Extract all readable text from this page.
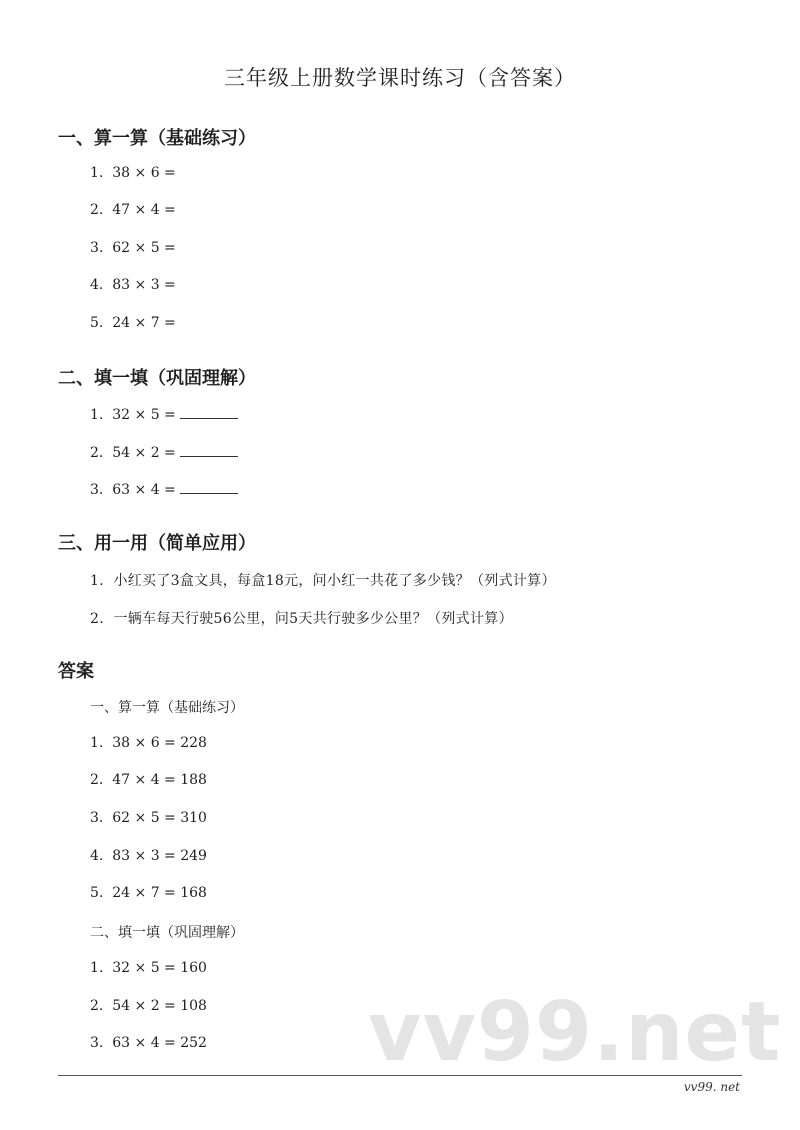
三年级上册数学课时练习（含答案）
一、算一算（基础练习）
1.  38 × 6 =
2.  47 × 4 =
3.  62 × 5 =
4.  83 × 3 =
5.  24 × 7 =
二、填一填（巩固理解）
1.  32 × 5 =
2.  54 × 2 =
3.  63 × 4 =
三、用一用（简单应用）
1.  小红买了3盒文具，每盒18元，问小红一共花了多少钱？（列式计算）
2.  一辆车每天行驶56公里，问5天共行驶多少公里？（列式计算）
答案
一、算一算（基础练习）
1.  38 × 6 = 228
2.  47 × 4 = 188
3.  62 × 5 = 310
4.  83 × 3 = 249
5.  24 × 7 = 168
二、填一填（巩固理解）
1.  32 × 5 = 160
2.  54 × 2 = 108
3.  63 × 4 = 252 vv99.net
vv99. net
